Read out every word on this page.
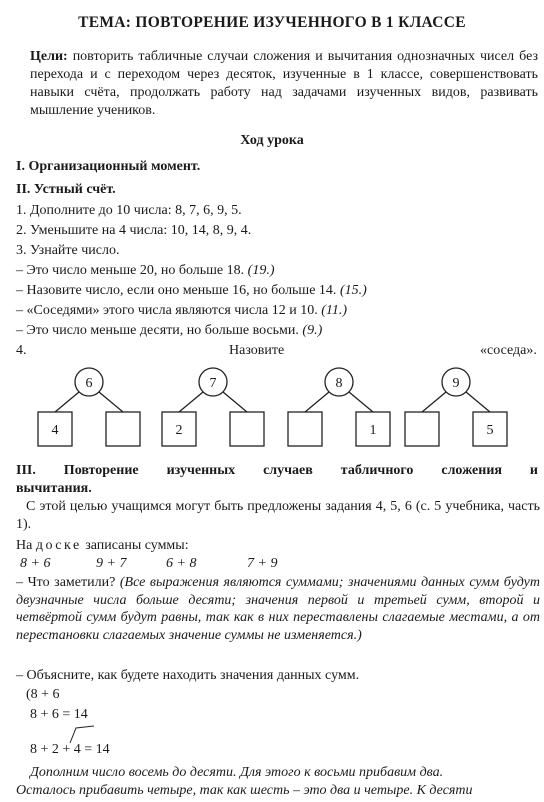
ТЕМА: ПОВТОРЕНИЕ ИЗУЧЕННОГО В 1 КЛАССЕ
Цели: повторить табличные случаи сложения и вычитания однозначных чисел без перехода и с переходом через десяток, изученные в 1 классе, совершенствовать навыки счёта, продолжать работу над задачами изученных видов, развивать мышление учеников.
Ход урока
I. Организационный момент.
II. Устный счёт.
1. Дополните до 10 числа: 8, 7, 6, 9, 5.
2. Уменьшите на 4 числа: 10, 14, 8, 9, 4.
3. Узнайте число.
– Это число меньше 20, но больше 18. (19.)
– Назовите число, если оно меньше 16, но больше 14. (15.)
– «Соседями» этого числа являются числа 12 и 10. (11.)
– Это число меньше десяти, но больше восьми. (9.)
4.	Назовите	«соседа».
6
4
7
2
8
1
9
5
III. Повторение изученных случаев табличного сложения и
вычитания.
С этой целью учащимся могут быть предложены задания 4, 5, 6 (с. 5 учебника, часть 1).
На доске записаны суммы:
8 + 6	9 + 7	6 + 8	7 + 9
– Что заметили? (Все выражения являются суммами; значениями данных сумм будут двузначные числа больше десяти; значения первой и третьей сумм, второй и четвёртой сумм будут равны, так как в них переставлены слагаемые местами, а от перестановки слагаемых значение суммы не изменяется.)
– Объясните, как будете находить значения данных сумм.
(8 + 6
8 + 6 = 14
8 + 2 + 4 = 14
Дополним число восемь до десяти. Для этого к восьми прибавим два.
Осталось прибавить четыре, так как шесть – это два и четыре. К десяти
